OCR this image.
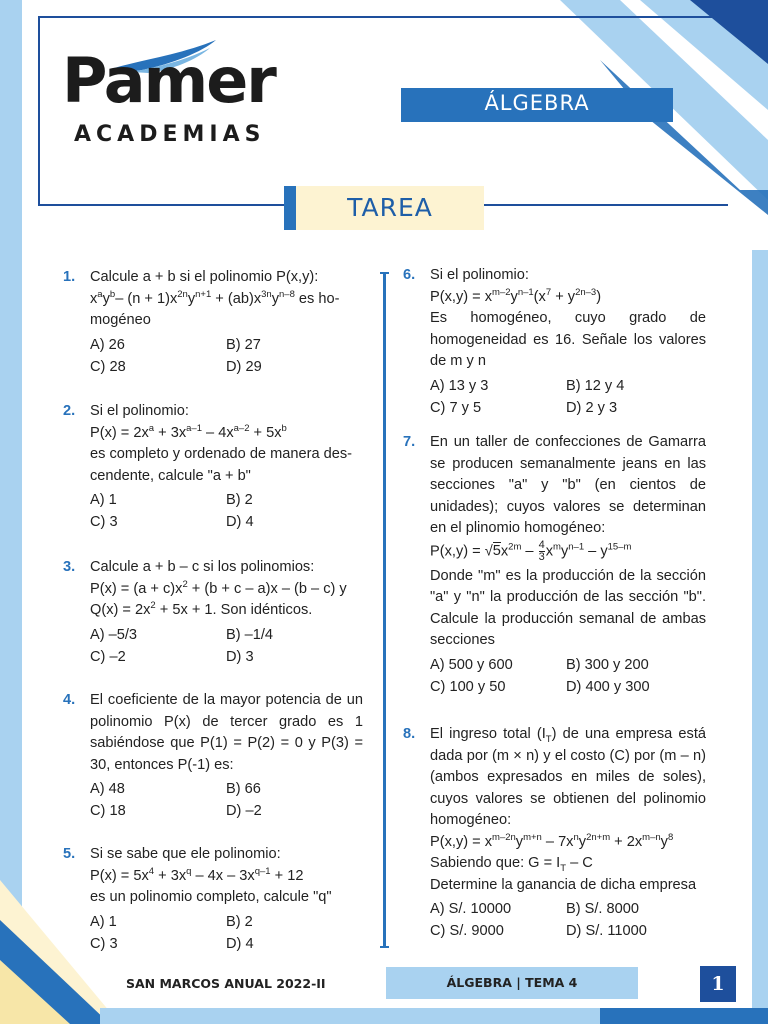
Pamer
ACADEMIAS
ÁLGEBRA
TAREA
1. Calcule a + b si el polinomio P(x,y):

$x^ay^b-$ $(n + 1)x^{2n}y^{n+1} + (ab)x^{3n}y^{n-8}$ es ho-

mogéneo

A) 26	B) 27
C) 28	D) 29
2. Si el polinomio:

$P(x) = 2x^a + 3x^{a-1} - 4x^{a-2} + 5x^b$

es completo y ordenado de manera des-

cendente, calcule "a + b"

A) 1	B) 2
C) 3	D) 4
3. Calcule a + b – c si los polinomios:

$P(x) = (a + c)x^2 + (b + c - a)x - (b - c)$ y

$Q(x) = 2x^2 + 5x + 1$. Son idénticos.

A) –5/3	B) –1/4
C) –2	D) 3
4. El coeficiente de la mayor potencia de un polinomio P(x) de tercer grado es 1 sabiéndose que P(1) = P(2) = 0 y P(3) = 30, entonces P(-1) es:

A) 48	B) 66
C) 18	D) –2
5. Si se sabe que ele polinomio:

$P(x) = 5x^4 + 3x^q - 4x - 3x^{q-1} + 12$

es un polinomio completo, calcule "q"

A) 1	B) 2
C) 3	D) 4
6. Si el polinomio:

$P(x,y) = x^{m-2}y^{n-1}(x^7 + y^{2n-3})$

Es homogéneo, cuyo grado de homogeneidad es 16. Señale los valores de m y n

A) 13 y 3	B) 12 y 4
C) 7 y 5	D) 2 y 3
7. En un taller de confecciones de Gamarra se producen semanalmente jeans en las secciones "a" y "b" (en cientos de unidades); cuyos valores se determinan en el plinomio homogéneo:

$P(x,y) = √5x^{2m} - \frac{4}{3} x^my^{n-1} - y^{15-m}$

Donde "m" es la producción de la sección "a" y "n" la producción de las sección "b". Calcule la producción semanal de ambas secciones

A) 500 y 600	B) 300 y 200
C) 100 y 50	D) 400 y 300
8. El ingreso total $(I_T)$ de una empresa está dada por (m × n) y el costo (C) por (m – n) (ambos expresados en miles de soles), cuyos valores se obtienen del polinomio homogéneo:

$P(x,y) = x^{m-2n}y^{m+n} - 7x^ny^{2n+m} + 2x^{m-n}y^8$

Sabiendo que: $G = I_T - C$

Determine la ganancia de dicha empresa

A) S/. 10000	B) S/. 8000
C) S/. 9000	D) S/. 11000
SAN MARCOS ANUAL 2022-II	ÁLGEBRA | TEMA 4	1
